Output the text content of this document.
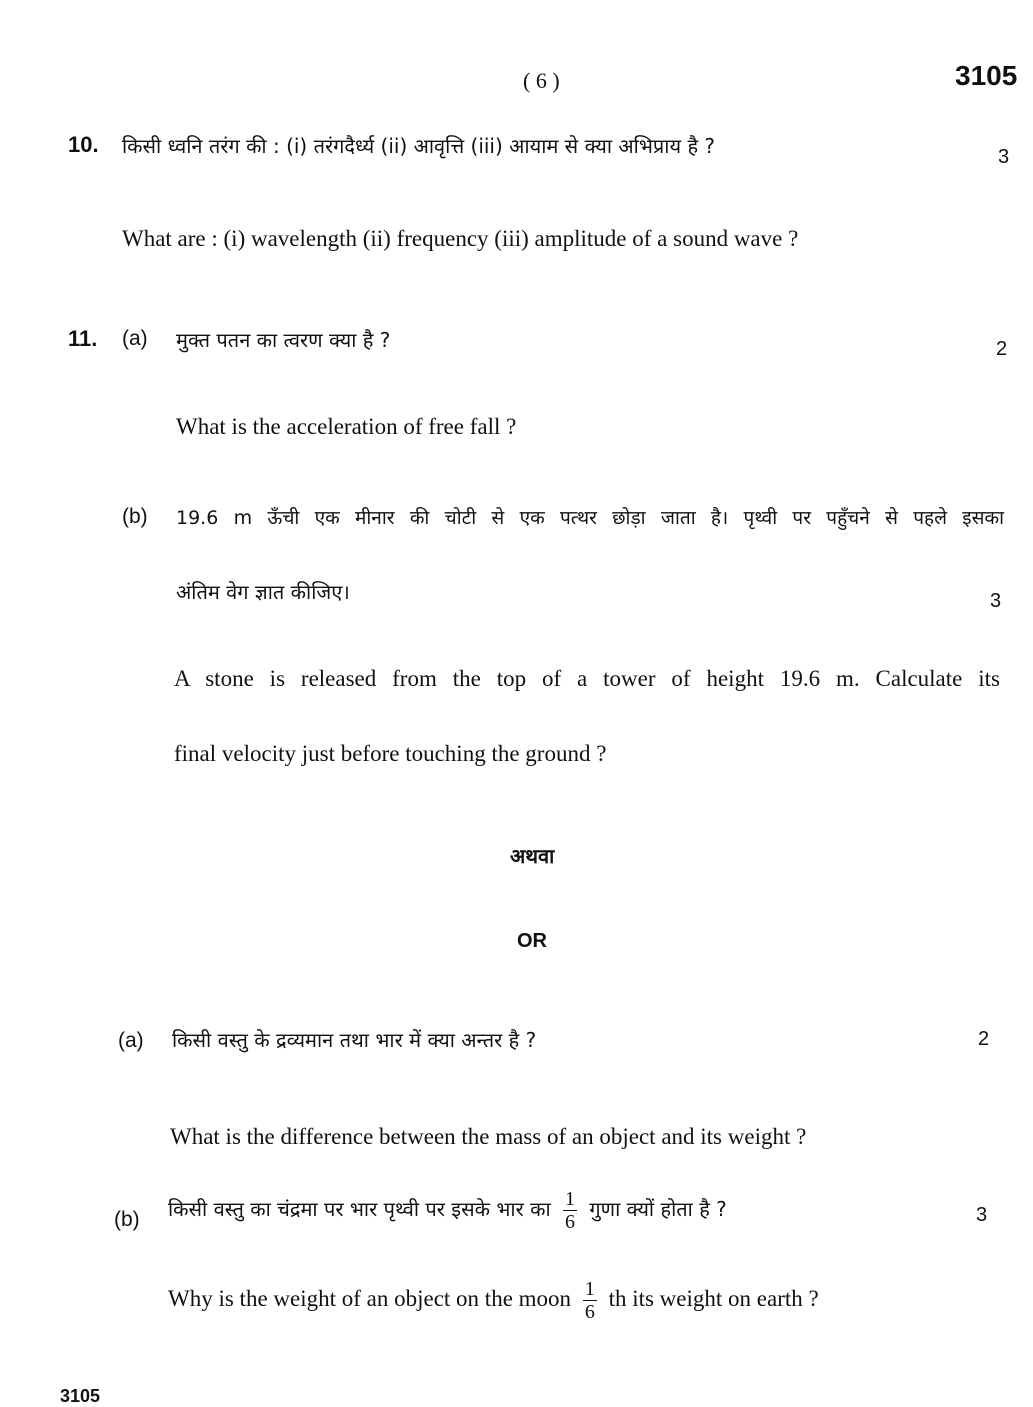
( 6 )	3105
10. किसी ध्वनि तरंग की : (i) तरंगदैर्ध्य (ii) आवृत्ति (iii) आयाम से क्या अभिप्राय है ?	3
What are : (i) wavelength (ii) frequency (iii) amplitude of a sound wave ?
11. (a) मुक्त पतन का त्वरण क्या है ?	2
What is the acceleration of free fall ?
(b) 19.6 m ऊँची एक मीनार की चोटी से एक पत्थर छोड़ा जाता है। पृथ्वी पर पहुँचने से पहले इसका
अंतिम वेग ज्ञात कीजिए।	3
A stone is released from the top of a tower of height 19.6 m. Calculate its
final velocity just before touching the ground ?
अथवा
OR
(a) किसी वस्तु के द्रव्यमान तथा भार में क्या अन्तर है ?	2
What is the difference between the mass of an object and its weight ?
(b) किसी वस्तु का चंद्रमा पर भार पृथ्वी पर इसके भार का $\frac{1}{6}$ गुणा क्यों होता है ?	3
Why is the weight of an object on the moon $\frac{1}{6}$ th its weight on earth ?
3105
